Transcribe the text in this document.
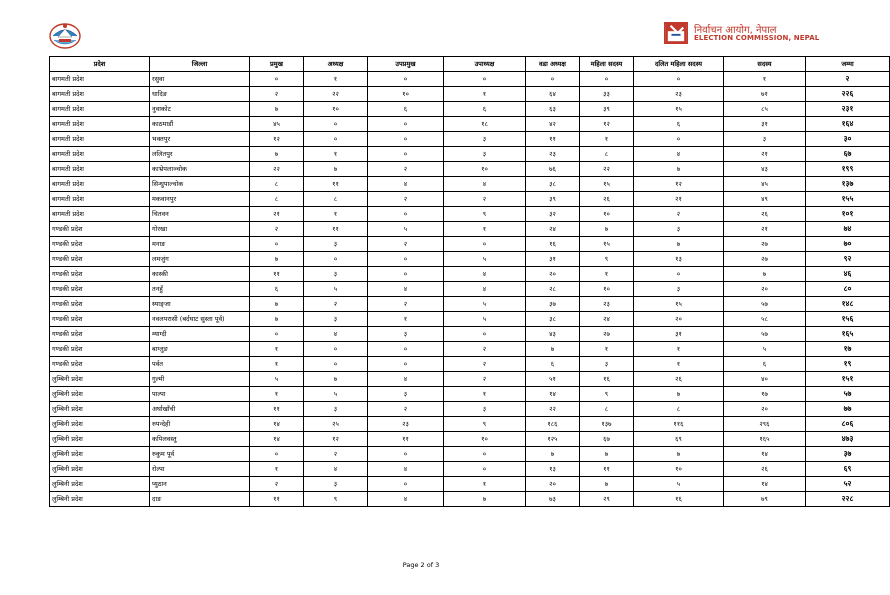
निर्वाचन आयोग, नेपाल
ELECTION COMMISSION, NEPAL
प्रदेश	जिल्ला	प्रमुख	अध्यक्ष	उपप्रमुख	उपाध्यक्ष	वडा अध्यक्ष	महिला सदस्य	दलित महिला सदस्य	सदस्य	जम्मा
बागमती प्रदेश	रसुवा	०	१	०	०	०	०	०	१	२
बागमती प्रदेश	धादिङ	२	२२	१०	१	६४	३३	२३	७१	२२६
बागमती प्रदेश	नुवाकोट	७	१०	६	६	६३	३९	१५	८५	२३१
बागमती प्रदेश	काठमाडौं	४५	०	०	१८	४२	१२	६	३१	१६४
बागमती प्रदेश	भक्तपुर	१२	०	०	३	११	१	०	३	३०
बागमती प्रदेश	ललितपुर	७	१	०	३	२३	८	४	२१	६७
बागमती प्रदेश	काभ्रेपलाञ्चोक	२२	७	२	१०	७६	२२	७	४३	१९९
बागमती प्रदेश	सिन्धुपाल्चोक	८	११	४	४	३८	१५	१२	४५	१३७
बागमती प्रदेश	मकवानपुर	८	८	२	२	३९	२६	२१	४९	१५५
बागमती प्रदेश	चितवन	२१	१	०	९	३२	१०	२	२६	१०१
गण्डकी प्रदेश	गोरखा	२	११	५	१	२४	७	३	२१	७४
गण्डकी प्रदेश	मनाङ	०	३	२	०	१६	१५	७	२७	७०
गण्डकी प्रदेश	लमजुंग	७	०	०	५	३१	९	१३	२७	९२
गण्डकी प्रदेश	कास्की	११	३	०	४	२०	१	०	७	४६
गण्डकी प्रदेश	तनहुँ	६	५	४	४	२८	१०	३	२०	८०
गण्डकी प्रदेश	स्याङ्जा	७	२	२	५	३७	२३	१५	५७	१४८
गण्डकी प्रदेश	नवलपरासी (बर्दघाट सुस्ता पूर्व)	७	३	१	५	३८	२४	२०	५८	१५६
गण्डकी प्रदेश	म्याग्दी	०	४	३	०	४३	२७	३१	५७	१६५
गण्डकी प्रदेश	बाग्लुङ	१	०	०	२	७	१	१	५	१७
गण्डकी प्रदेश	पर्वत	१	०	०	२	६	३	१	६	१९
लुम्बिनी प्रदेश	गुल्मी	५	७	४	२	५१	१६	२६	४०	१५१
लुम्बिनी प्रदेश	पाल्पा	१	५	३	१	१४	९	७	१७	५७
लुम्बिनी प्रदेश	अर्घाखाँची	११	३	२	३	२२	८	८	२०	७७
लुम्बिनी प्रदेश	रुपन्देही	१४	२५	२३	९	१८६	१३७	११६	२९६	८०६
लुम्बिनी प्रदेश	कपिलवस्तु	१४	१२	११	१०	१२५	६७	६९	१६५	४७३
लुम्बिनी प्रदेश	रुकुम पूर्व	०	२	०	०	७	७	७	१४	३७
लुम्बिनी प्रदेश	रोल्पा	१	४	४	०	१३	११	१०	२६	६९
लुम्बिनी प्रदेश	प्युठान	२	३	०	१	२०	७	५	१४	५२
लुम्बिनी प्रदेश	दाङ	११	९	४	७	७३	२९	१६	७९	२२८
Page 2 of 3
